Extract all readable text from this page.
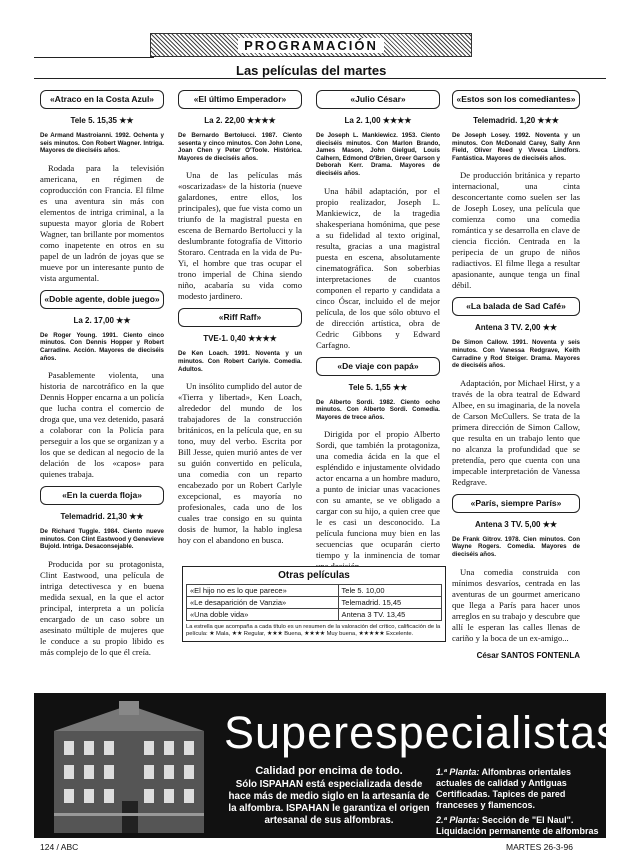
PROGRAMACIÓN
Las películas del martes
«Atraco en la Costa Azul»
Tele 5. 15,35 ★★
De Armand Mastroianni. 1992. Ochenta y seis minutos. Con Robert Wagner. Intriga. Mayores de dieciséis años.

Rodada para la televisión americana, en régimen de coproducción con Francia. El filme es una aventura sin más con elementos de intriga criminal, a la supuesta mayor gloria de Robert Wagner, tan brillante por momentos como inapetente en otros en su papel de un ladrón de joyas que se mueve por un interesante punto de vista argumental.

«Doble agente, doble juego»
La 2. 17,00 ★★
De Roger Young. 1991. Ciento cinco minutos. Con Dennis Hopper y Robert Carradine. Acción. Mayores de dieciséis años.

Pasablemente violenta, una historia de narcotráfico en la que Dennis Hopper encarna a un policía que lucha contra el comercio de droga que, una vez detenido, pasará a colaborar con la Policía para perseguir a los que se organizan y a los que se dedican al negocio de la delación de los «capos» para quienes trabaja.

«En la cuerda floja»
Telemadrid. 21,30 ★★
De Richard Tuggle. 1984. Ciento nueve minutos. Con Clint Eastwood y Genevieve Bujold. Intriga. Desaconsejable.

Producida por su protagonista, Clint Eastwood, una película de intriga detectivesca y en buena medida sexual, en la que el actor principal, interpreta a un policía encargado de un caso sobre un asesinato múltiple de mujeres que le conduce a su propio libido es más complejo de lo que él creía.

«El último Emperador»
La 2. 22,00 ★★★★
De Bernardo Bertolucci. 1987. Ciento sesenta y cinco minutos. Con John Lone, Joan Chen y Peter O'Toole. Histórica. Mayores de dieciséis años.

Una de las películas más «oscarizadas» de la historia (nueve galardones, entre ellos, los principales), que fue vista como un triunfo de la magistral puesta en escena de Bernardo Bertolucci y la deslumbrante fotografía de Vittorio Storaro. Centrada en la vida de Pu-Yi, el hombre que tras ocupar el trono imperial de China siendo niño, acabaría su vida como modesto jardinero.

«Riff Raff»
TVE-1. 0,40 ★★★★
De Ken Loach. 1991. Noventa y un minutos. Con Robert Carlyle. Comedia. Adultos.

Un insólito cumplido del autor de «Tierra y libertad», Ken Loach, alrededor del mundo de los trabajadores de la construcción británicos, en la película que, en su tono, muy del verbo. Escrita por Bill Jesse, quien murió antes de ver su guión convertido en película, una comedia con un reparto encabezado por un Robert Carlyle excepcional, es mayoría no profesionales, cada uno de los cuales trae consigo en su quinta dosis de humor, la hablo inglesa hoy con el abandono en busca.

«Julio César»
La 2. 1,00 ★★★★
De Joseph L. Mankiewicz. 1953. Ciento dieciséis minutos. Con Marlon Brando, James Mason, John Gielgud, Louis Calhern, Edmond O'Brien, Greer Garson y Deborah Kerr. Drama. Mayores de dieciséis años.

Una hábil adaptación, por el propio realizador, Joseph L. Mankiewicz, de la tragedia shakesperiana homónima, que pese a su fidelidad al texto original, resulta, gracias a una magistral puesta en escena, absolutamente cinematográfica. Son soberbias interpretaciones de cuantos componen el reparto y candidata a cinco Óscar, incluido el de mejor película, de los que sólo obtuvo el de dirección artística, obra de Cedric Gibbons y Edward Carfagno.

«De viaje con papá»
Tele 5. 1,55 ★★
De Alberto Sordi. 1982. Ciento ocho minutos. Con Alberto Sordi. Comedia. Mayores de trece años.

Dirigida por el propio Alberto Sordi, que también la protagoniza, una comedia ácida en la que el espléndido e injustamente olvidado actor encarna a un hombre maduro, a punto de iniciar unas vacaciones con su amante, se ve obligado a cargar con su hijo, a quien cree que le es casi un desconocido. La película funciona muy bien en las secuencias que ocuparán cierto tiempo y la inminencia de tomar

«Estos son los comediantes»
Telemadrid. 1,20 ★★★
De Joseph Losey. 1992. Noventa y un minutos. Con McDonald Carey, Sally Ann Field, Oliver Reed y Viveca Lindfors. Fantástica. Mayores de dieciséis años.

De producción británica y reparto internacional, una cinta desconcertante como suelen ser las de Joseph Losey, una película que comienza como una comedia romántica y se desarrolla en clave de ciencia ficción. Centrada en la peripecia de un grupo de niños radiactivos. El filme llega a resultar apasionante, aunque tenga un final débil.

«La balada de Sad Café»
Antena 3 TV. 2,00 ★★
De Simon Callow. 1991. Noventa y seis minutos. Con Vanessa Redgrave, Keith Carradine y Rod Steiger. Drama. Mayores de dieciséis años.

Adaptación, por Michael Hirst, y a través de la obra teatral de Edward Albee, en su imaginaria, de la novela de Carson McCullers. Se trata de la primera dirección de Simon Callow, que resulta en un trabajo lento que no alcanza la profundidad que se pretendía, pero que cuenta con una impecable interpretación de Vanessa Redgrave.

«París, siempre París»
Antena 3 TV. 5,00 ★★
De Frank Gitrov. 1978. Cien minutos. Con Wayne Rogers. Comedia. Mayores de dieciséis años.

Una comedia construida con mínimos desvaríos, centrada en las aventuras de un gourmet americano que llega a París para hacer unos arreglos en su trabajo y descubre que allí le esperan las calles llenas de cariño y la boca de un ex-amigo...

César SANTOS FONTENLA
Otras películas
«El hijo no es lo que parece»	Tele 5. 10,00
«Le desaparición de Vanzia»	Telemadrid. 15,45
«Una doble vida»	Antena 3 TV. 13,45
La estrella que acompaña a cada título es un resumen de la valoración del crítico, calificación de la película: ★ Mala, ★★ Regular, ★★★ Buena, ★★★★ Muy buena, ★★★★★ Excelente.
Superespecialistas
Calidad por encima de todo.
Sólo ISPAHAN está especializada desde hace más de medio siglo en la artesanía de la alfombra. ISPAHAN le garantiza el origen artesanal de sus alfombras.
1.ª Planta: Alfombras orientales actuales de calidad y Antiguas Certificadas. Tapices de pared franceses y flamencos.
2.ª Planta: Sección de "El Naul". Liquidación permanente de alfombras de Persia, Asia Menor.
124 / ABC	MARTES 26-3-96
